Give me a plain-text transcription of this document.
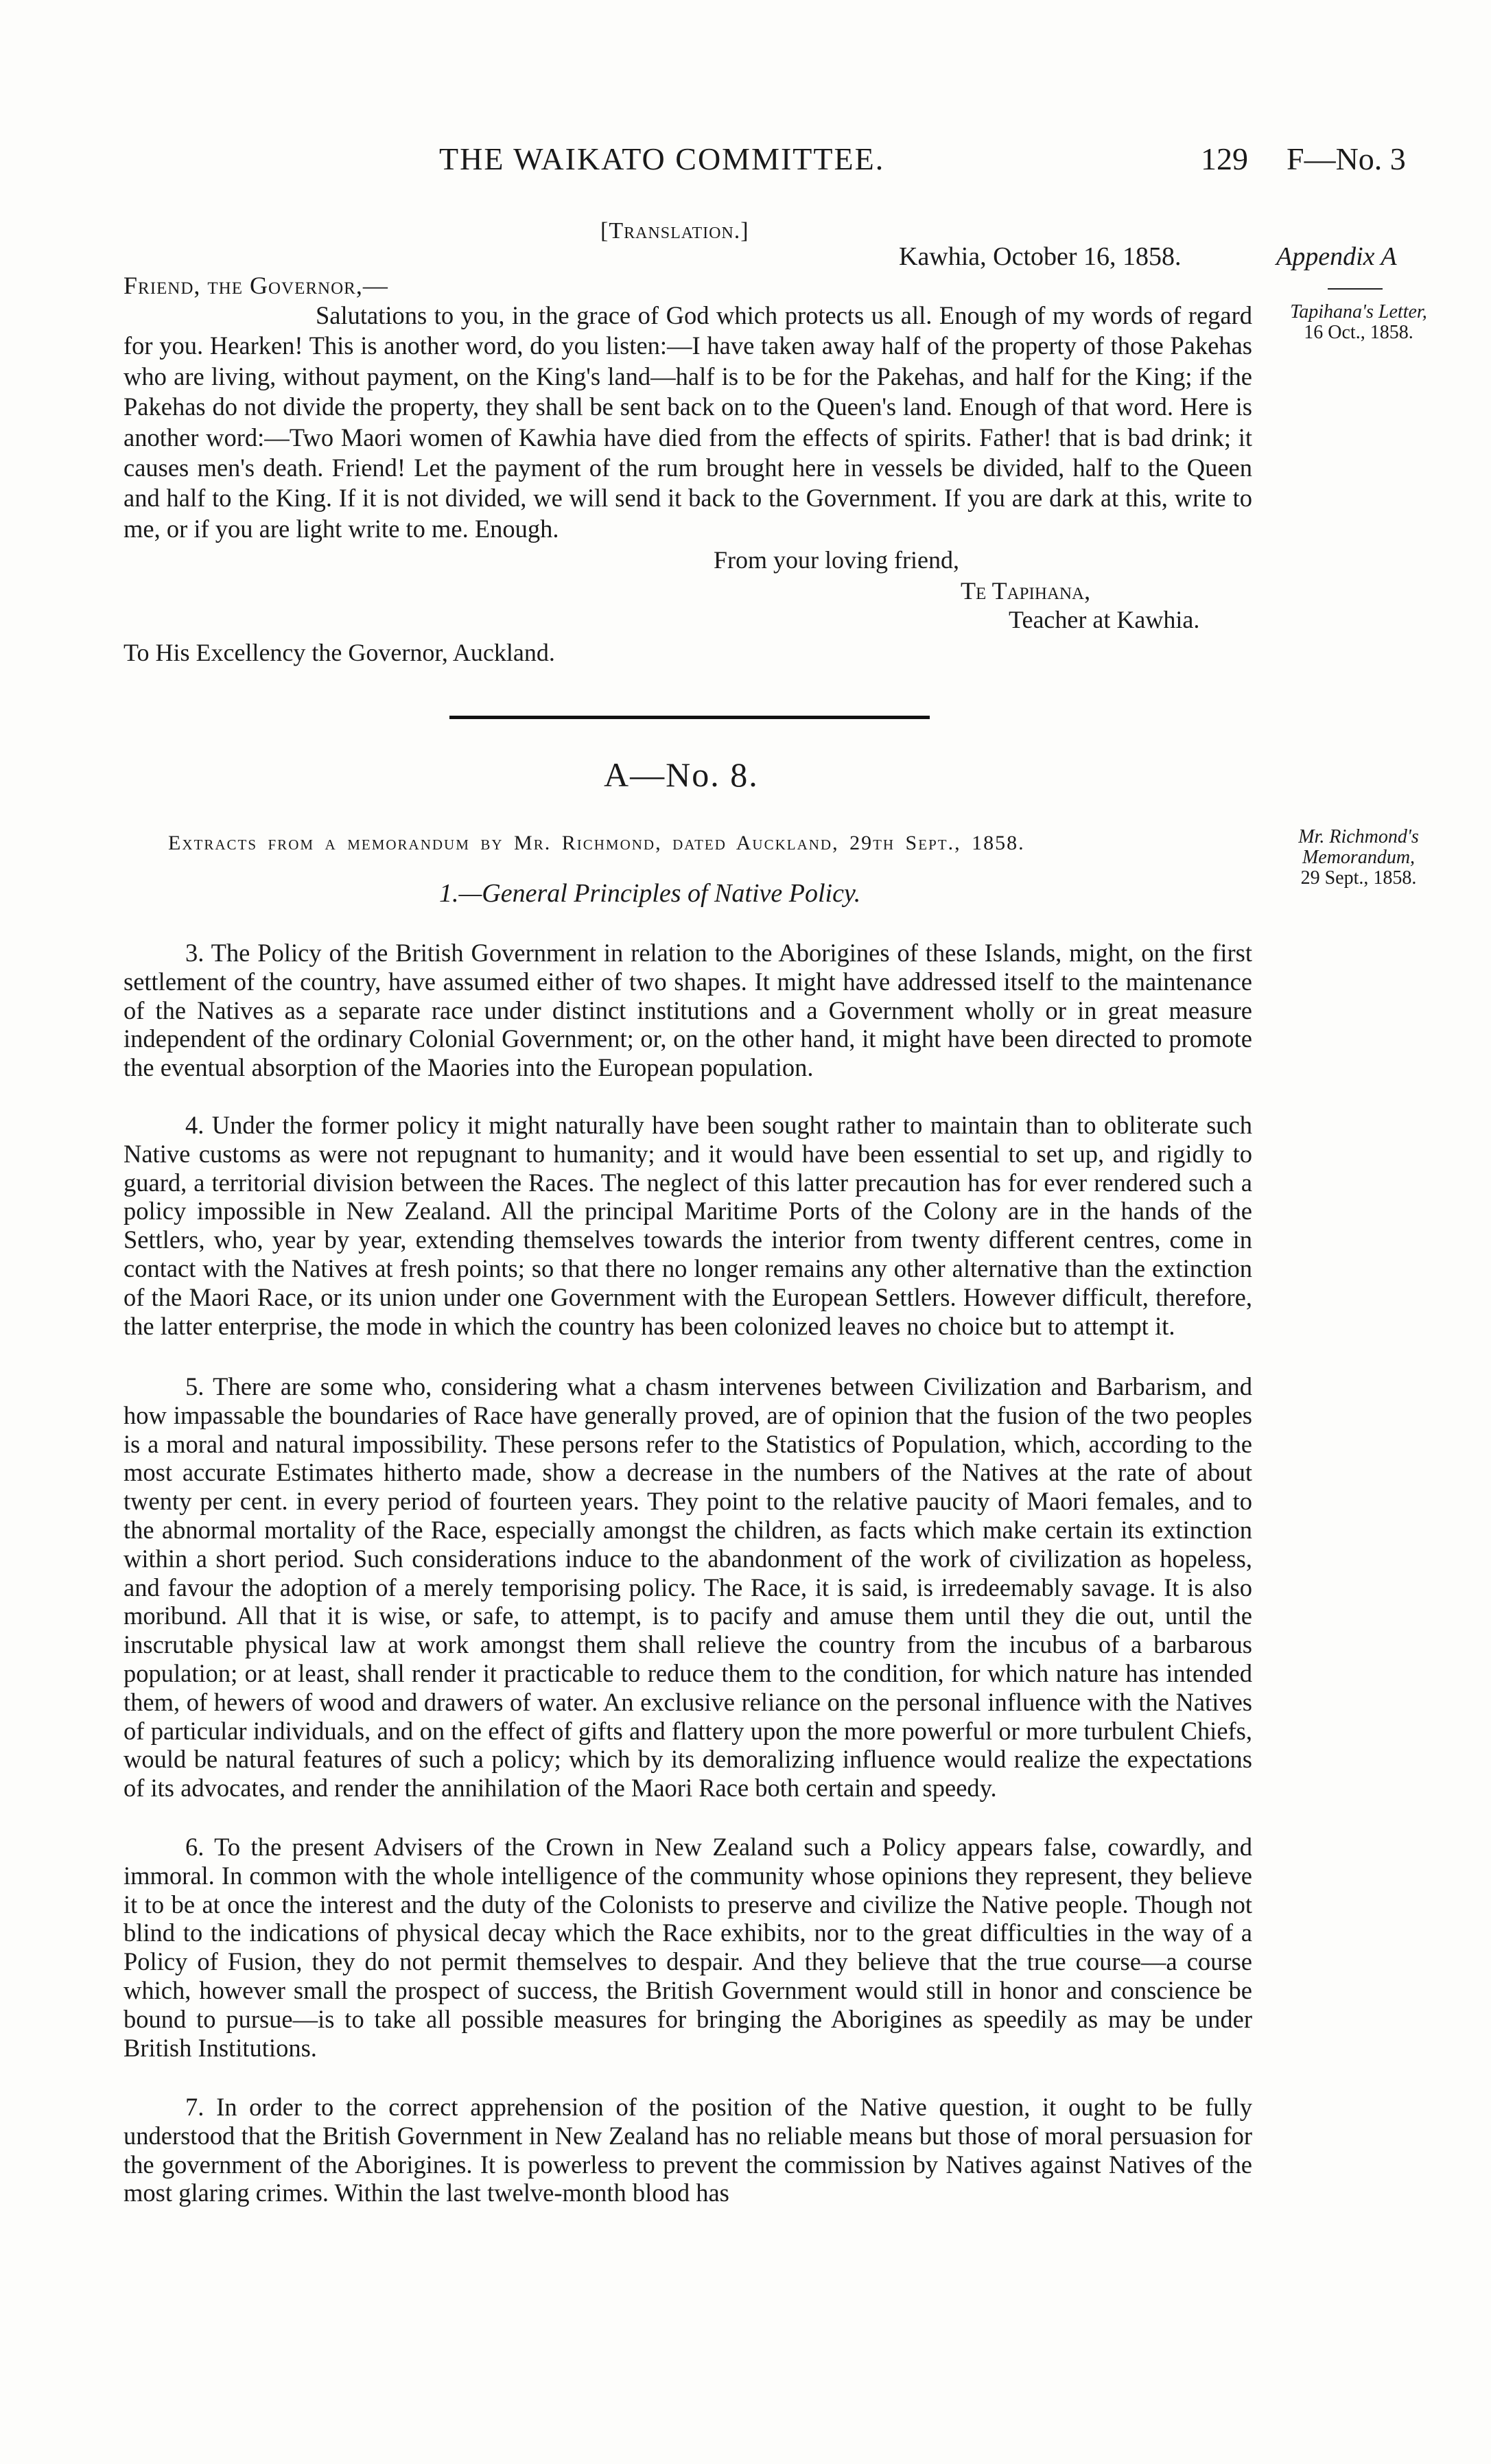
THE WAIKATO COMMITTEE.	129 F—No. 3
[Translation.]
Kawhia, October 16, 1858.	Appendix A
Tapihana's Letter,
16 Oct., 1858.
Friend, the Governor,—

Salutations to you, in the grace of God which protects us all. Enough of my words of regard for you. Hearken! This is another word, do you listen:—I have taken away half of the property of those Pakehas who are living, without payment, on the King's land—half is to be for the Pakehas, and half for the King; if the Pakehas do not divide the property, they shall be sent back on to the Queen's land. Enough of that word. Here is another word:—Two Maori women of Kawhia have died from the effects of spirits. Father! that is bad drink; it causes men's death. Friend! Let the payment of the rum brought here in vessels be divided, half to the Queen and half to the King. If it is not divided, we will send it back to the Government. If you are dark at this, write to me, or if you are light write to me. Enough.

From your loving friend,
Te Tapihana,
Teacher at Kawhia.
To His Excellency the Governor, Auckland.
A—No. 8.
Extracts from a memorandum by Mr. Richmond, dated Auckland, 29th Sept., 1858.	Mr. Richmond's
Memorandum,
29 Sept., 1858.
1.—General Principles of Native Policy.

3. The Policy of the British Government in relation to the Aborigines of these Islands, might, on the first settlement of the country, have assumed either of two shapes. It might have addressed itself to the maintenance of the Natives as a separate race under distinct institutions and a Government wholly or in great measure independent of the ordinary Colonial Government; or, on the other hand, it might have been directed to promote the eventual absorption of the Maories into the European population.

4. Under the former policy it might naturally have been sought rather to maintain than to obliterate such Native customs as were not repugnant to humanity; and it would have been essential to set up, and rigidly to guard, a territorial division between the Races. The neglect of this latter precaution has for ever rendered such a policy impossible in New Zealand. All the principal Maritime Ports of the Colony are in the hands of the Settlers, who, year by year, extending themselves towards the interior from twenty different centres, come in contact with the Natives at fresh points; so that there no longer remains any other alternative than the extinction of the Maori Race, or its union under one Government with the European Settlers. However difficult, therefore, the latter enterprise, the mode in which the country has been colonized leaves no choice but to attempt it.

5. There are some who, considering what a chasm intervenes between Civilization and Barbarism, and how impassable the boundaries of Race have generally proved, are of opinion that the fusion of the two peoples is a moral and natural impossibility. These persons refer to the Statistics of Population, which, according to the most accurate Estimates hitherto made, show a decrease in the numbers of the Natives at the rate of about twenty per cent. in every period of fourteen years. They point to the relative paucity of Maori females, and to the abnormal mortality of the Race, especially amongst the children, as facts which make certain its extinction within a short period. Such considerations induce to the abandonment of the work of civilization as hopeless, and favour the adoption of a merely temporising policy. The Race, it is said, is irredeemably savage. It is also moribund. All that it is wise, or safe, to attempt, is to pacify and amuse them until they die out, until the inscrutable physical law at work amongst them shall relieve the country from the incubus of a barbarous population; or at least, shall render it practicable to reduce them to the condition, for which nature has intended them, of hewers of wood and drawers of water. An exclusive reliance on the personal influence with the Natives of particular individuals, and on the effect of gifts and flattery upon the more powerful or more turbulent Chiefs, would be natural features of such a policy; which by its demoralizing influence would realize the expectations of its advocates, and render the annihilation of the Maori Race both certain and speedy.

6. To the present Advisers of the Crown in New Zealand such a Policy appears false, cowardly, and immoral. In common with the whole intelligence of the community whose opinions they represent, they believe it to be at once the interest and the duty of the Colonists to preserve and civilize the Native people. Though not blind to the indications of physical decay which the Race exhibits, nor to the great difficulties in the way of a Policy of Fusion, they do not permit themselves to despair. And they believe that the true course—a course which, however small the prospect of success, the British Government would still in honor and conscience be bound to pursue—is to take all possible measures for bringing the Aborigines as speedily as may be under British Institutions.

7. In order to the correct apprehension of the position of the Native question, it ought to be fully understood that the British Government in New Zealand has no reliable means but those of moral persuasion for the government of the Aborigines. It is powerless to prevent the commission by Natives against Natives of the most glaring crimes. Within the last twelve-month blood has
